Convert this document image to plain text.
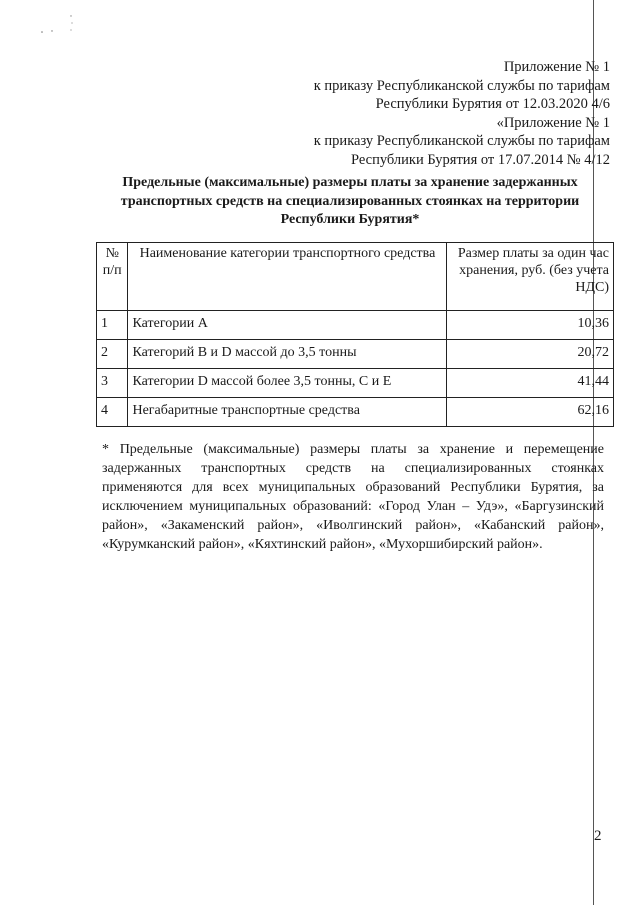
Приложение № 1
к приказу Республиканской службы по тарифам
Республики Бурятия от 12.03.2020 4/6
«Приложение № 1
к приказу Республиканской службы по тарифам
Республики Бурятия от 17.07.2014 № 4/12
Предельные (максимальные) размеры платы за хранение задержанных
транспортных средств на специализированных стоянках на территории
Республики Бурятия*
№ п/п	Наименование категории транспортного средства	Размер платы за один час хранения, руб. (без учета НДС)
1	Категории А	10,36
2	Категорий В и D массой до 3,5 тонны	20,72
3	Категории D массой более 3,5 тонны, С и Е	41,44
4	Негабаритные транспортные средства	62,16
* Предельные (максимальные) размеры платы за хранение и перемещение задержанных транспортных средств на специализированных стоянках применяются для всех муниципальных образований Республики Бурятия, за исключением муниципальных образований: «Город Улан – Удэ», «Баргузинский район», «Закаменский район», «Иволгинский район», «Кабанский район», «Курумканский район», «Кяхтинский район», «Мухоршибирский район».
2
